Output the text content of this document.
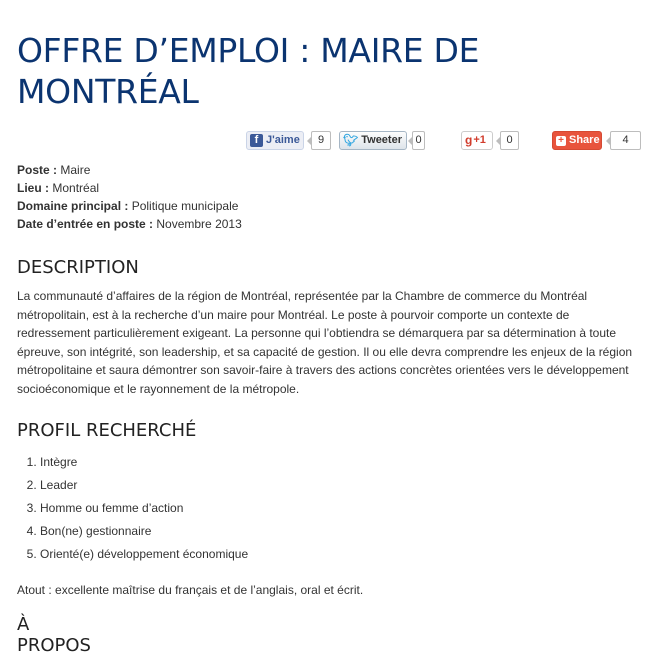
OFFRE D’EMPLOI : MAIRE DE MONTRÉAL
f J'aime	9	🐦︎ Tweeter	0	g +1	0	+ Share	4
Poste : Maire
Lieu : Montréal
Domaine principal : Politique municipale
Date d’entrée en poste : Novembre 2013
DESCRIPTION

La communauté d’affaires de la région de Montréal, représentée par la Chambre de commerce du Montréal métropolitain, est à la recherche d’un maire pour Montréal. Le poste à pourvoir comporte un contexte de redressement particulièrement exigeant. La personne qui l’obtiendra se démarquera par sa détermination à toute épreuve, son intégrité, son leadership, et sa capacité de gestion. Il ou elle devra comprendre les enjeux de la région métropolitaine et saura démontrer son savoir-faire à travers des actions concrètes orientées vers le développement socioéconomique et le rayonnement de la métropole.

PROFIL RECHERCHÉ
1. Intègre
2. Leader
3. Homme ou femme d’action
4. Bon(ne) gestionnaire
5. Orienté(e) développement économique

Atout : excellente maîtrise du français et de l’anglais, oral et écrit.

À PROPOS
